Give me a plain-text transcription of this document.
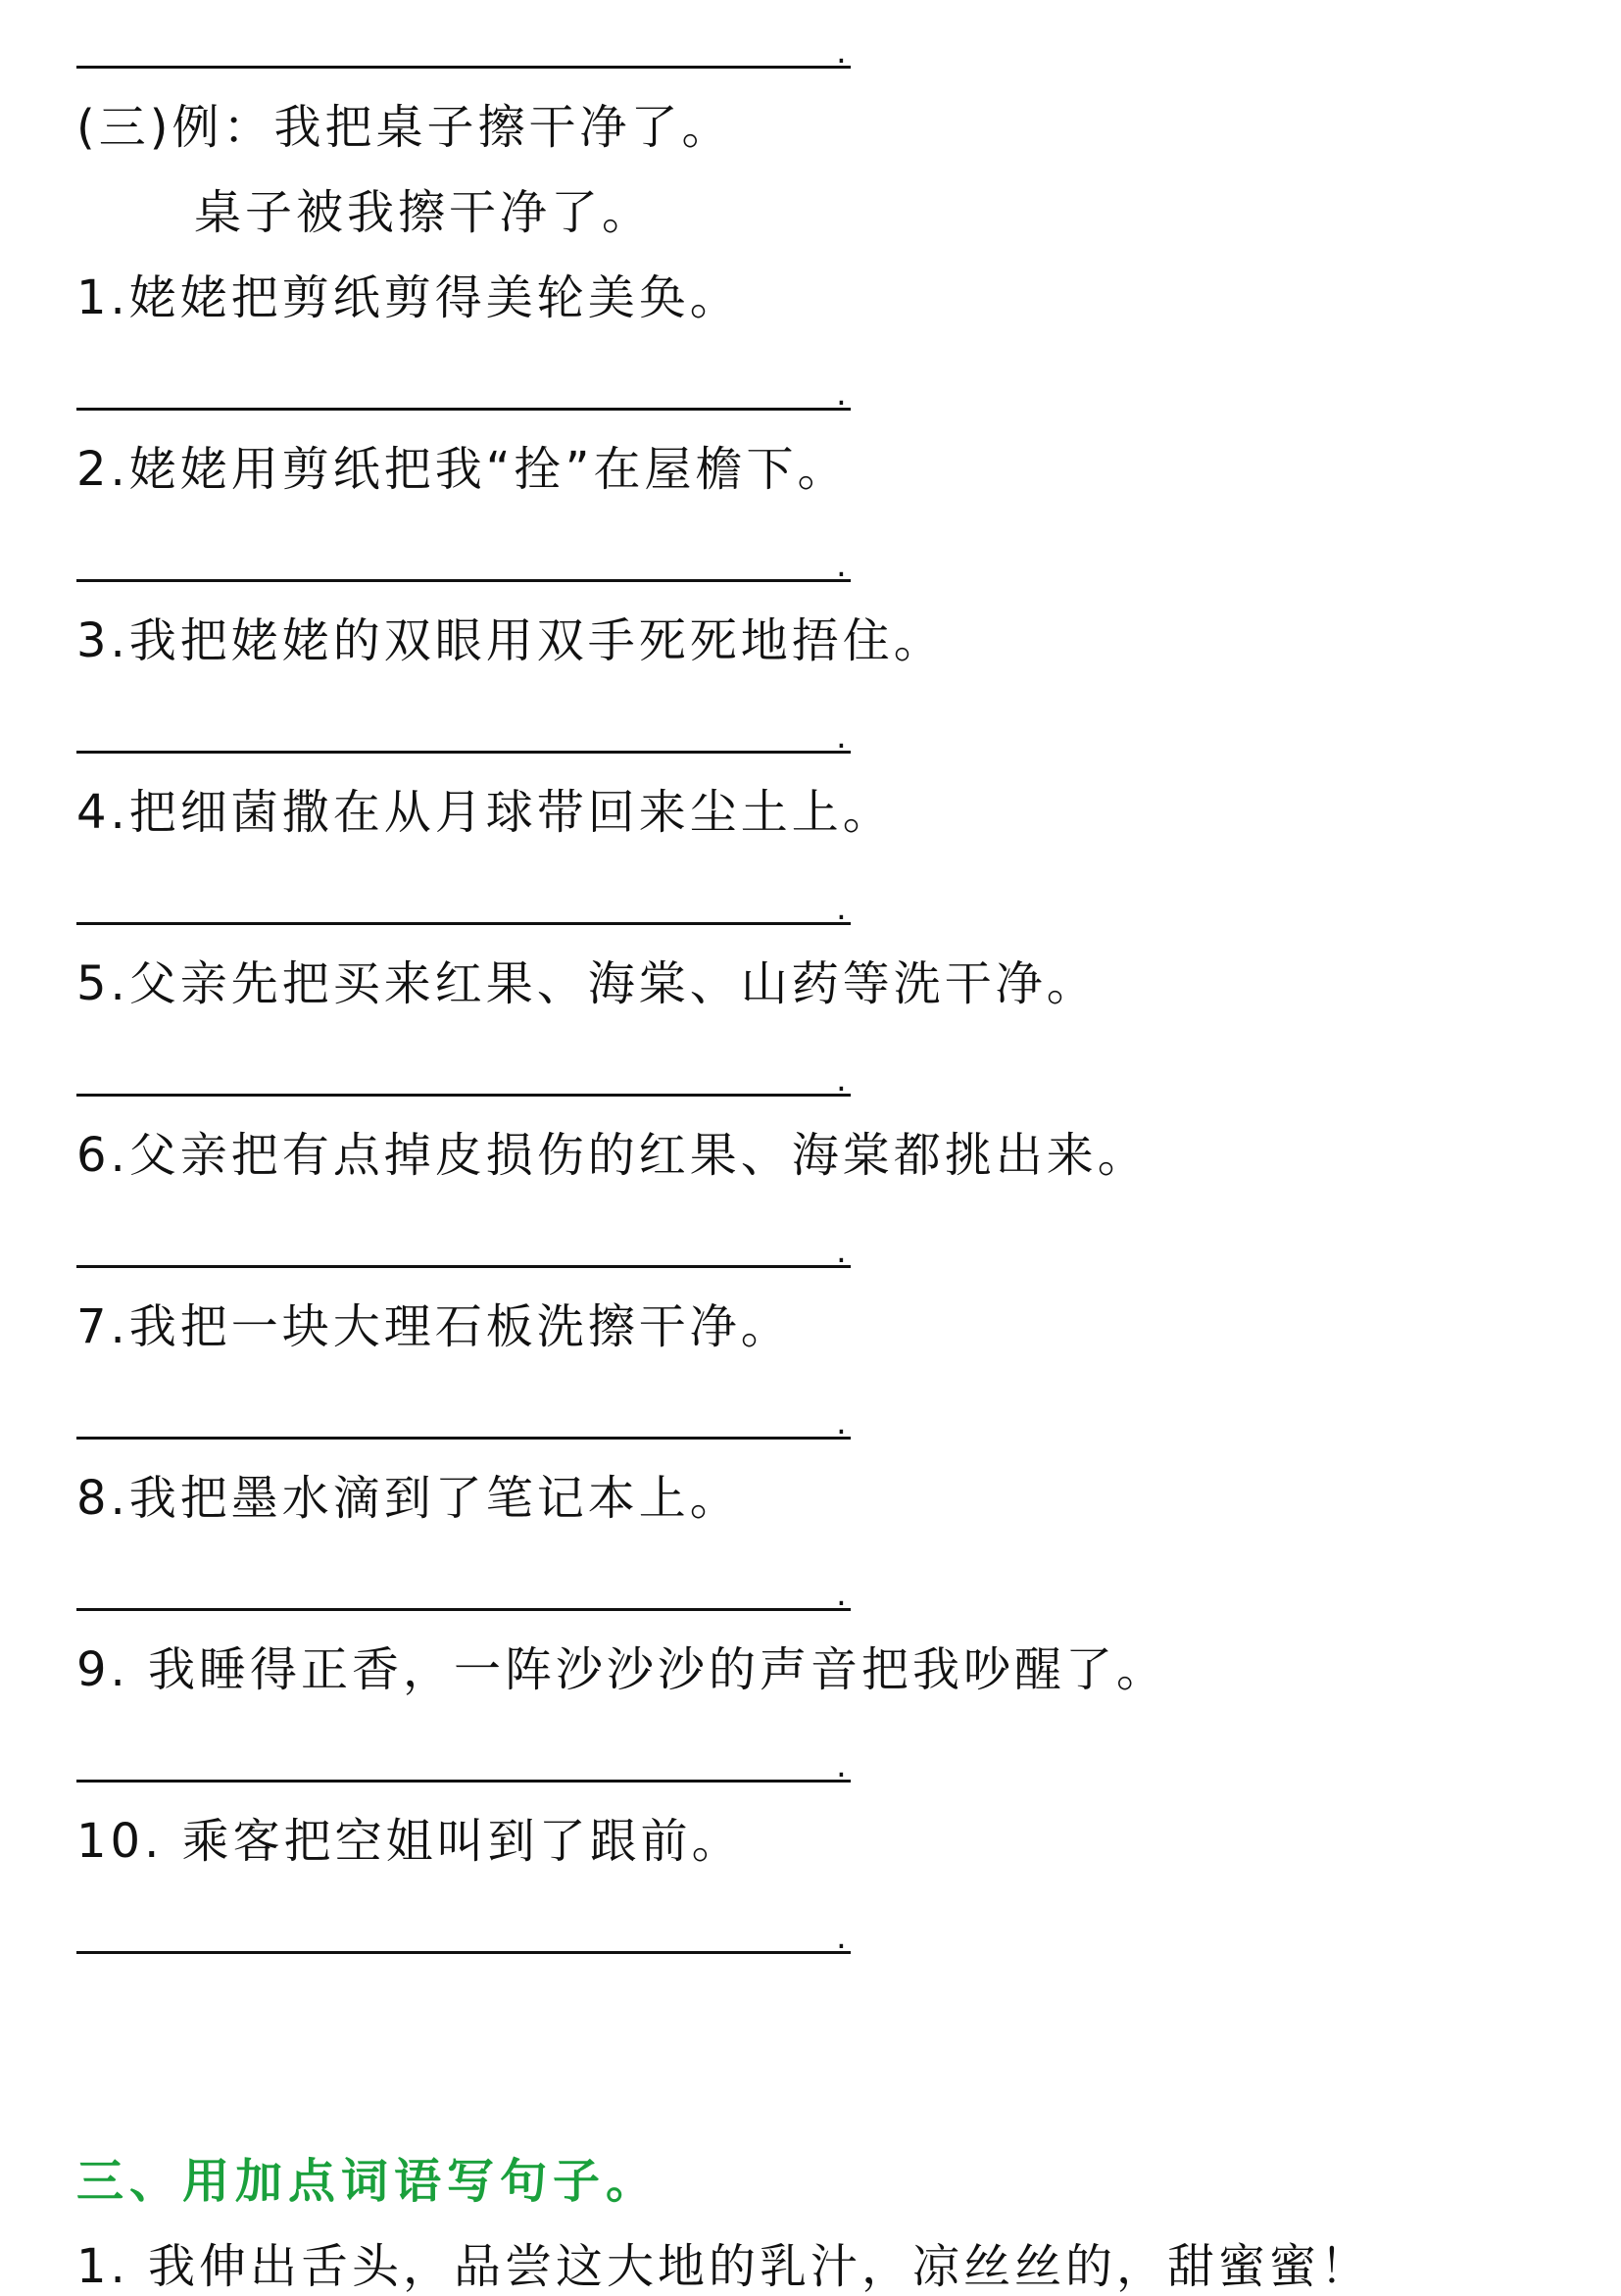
.
(三)例：我把桌子擦干净了。
桌子被我擦干净了。
1.姥姥把剪纸剪得美轮美奂。
.
2.姥姥用剪纸把我“拴”在屋檐下。
.
3.我把姥姥的双眼用双手死死地捂住。
.
4.把细菌撒在从月球带回来尘土上。
.
5.父亲先把买来红果、海棠、山药等洗干净。
.
6.父亲把有点掉皮损伤的红果、海棠都挑出来。
.
7.我把一块大理石板洗擦干净。
.
8.我把墨水滴到了笔记本上。
.
9. 我睡得正香，一阵沙沙沙的声音把我吵醒了。
.
10. 乘客把空姐叫到了跟前。
.
三、用加点词语写句子。
1. 我伸出舌头，品尝这大地的乳汁，凉丝丝的，甜蜜蜜！
